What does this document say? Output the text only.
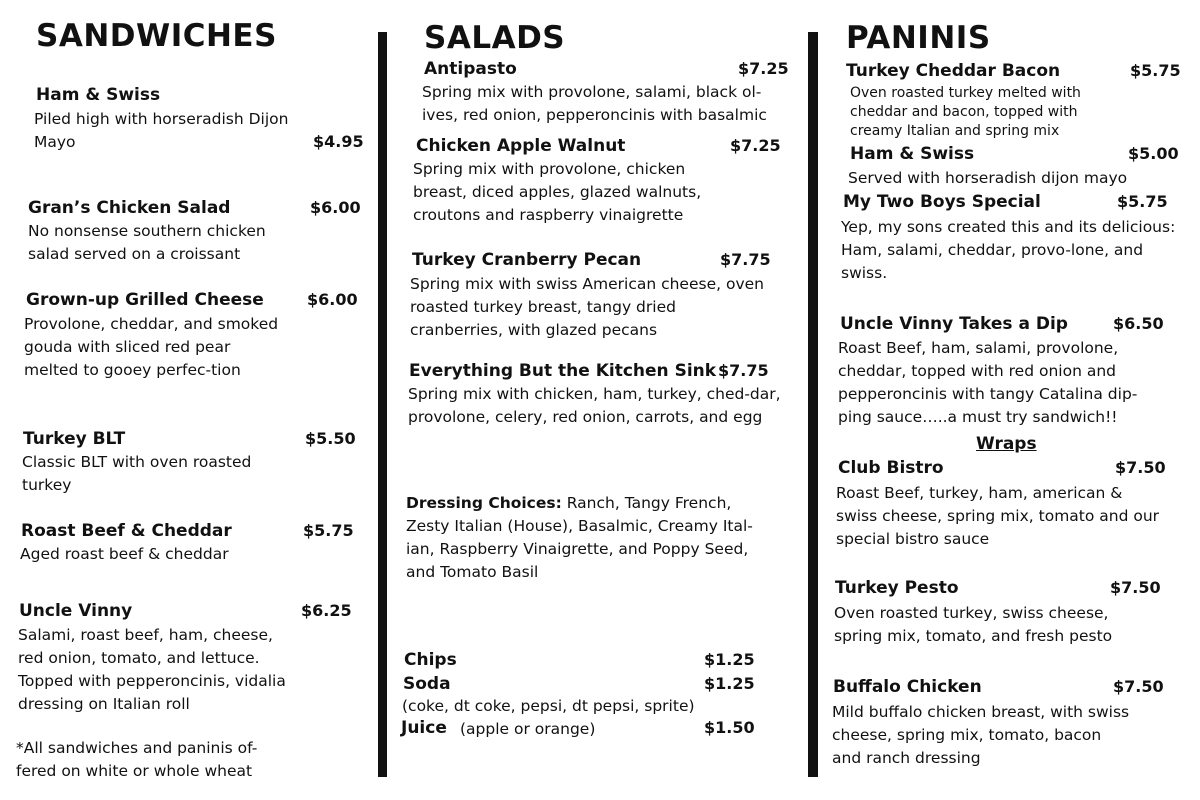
SANDWICHES
Ham & Swiss
Piled high with horseradish Dijon Mayo	$4.95
Gran’s Chicken Salad	$6.00
No nonsense southern chicken salad served on a croissant
Grown-up Grilled Cheese	$6.00
Provolone, cheddar, and smoked gouda with sliced red pear melted to gooey perfec-tion
Turkey BLT	$5.50
Classic BLT with oven roasted turkey
Roast Beef & Cheddar	$5.75
Aged roast beef & cheddar
Uncle Vinny	$6.25
Salami, roast beef, ham, cheese, red onion, tomato, and lettuce. Topped with pepperoncinis, vidalia dressing on Italian roll
*All sandwiches and paninis of-fered on white or whole wheat
SALADS
Antipasto	$7.25
Spring mix with provolone, salami, black ol-ives, red onion, pepperoncinis with basalmic
Chicken Apple Walnut	$7.25
Spring mix with provolone, chicken breast, diced apples, glazed walnuts, croutons and raspberry vinaigrette
Turkey Cranberry Pecan	$7.75
Spring mix with swiss American cheese, oven roasted turkey breast, tangy dried cranberries, with glazed pecans
Everything But the Kitchen Sink $7.75
Spring mix with chicken, ham, turkey, ched-dar, provolone, celery, red onion, carrots, and egg
Dressing Choices: Ranch, Tangy French, Zesty Italian (House), Basalmic, Creamy Ital-ian, Raspberry Vinaigrette, and Poppy Seed, and Tomato Basil
Chips	$1.25
Soda	$1.25
(coke, dt coke, pepsi, dt pepsi, sprite)
Juice (apple or orange)	$1.50
PANINIS
Turkey Cheddar Bacon	$5.75
Oven roasted turkey melted with cheddar and bacon, topped with creamy Italian and spring mix
Ham & Swiss	$5.00
Served with horseradish dijon mayo
My Two Boys Special	$5.75
Yep, my sons created this and its delicious: Ham, salami, cheddar, provo-lone, and swiss.
Uncle Vinny Takes a Dip	$6.50
Roast Beef, ham, salami, provolone, cheddar, topped with red onion and pepperoncinis with tangy Catalina dip-ping sauce…..a must try sandwich!!
Wraps
Club Bistro	$7.50
Roast Beef, turkey, ham, american & swiss cheese, spring mix, tomato and our special bistro sauce
Turkey Pesto	$7.50
Oven roasted turkey, swiss cheese, spring mix, tomato, and fresh pesto
Buffalo Chicken	$7.50
Mild buffalo chicken breast, with swiss cheese, spring mix, tomato, bacon and ranch dressing
